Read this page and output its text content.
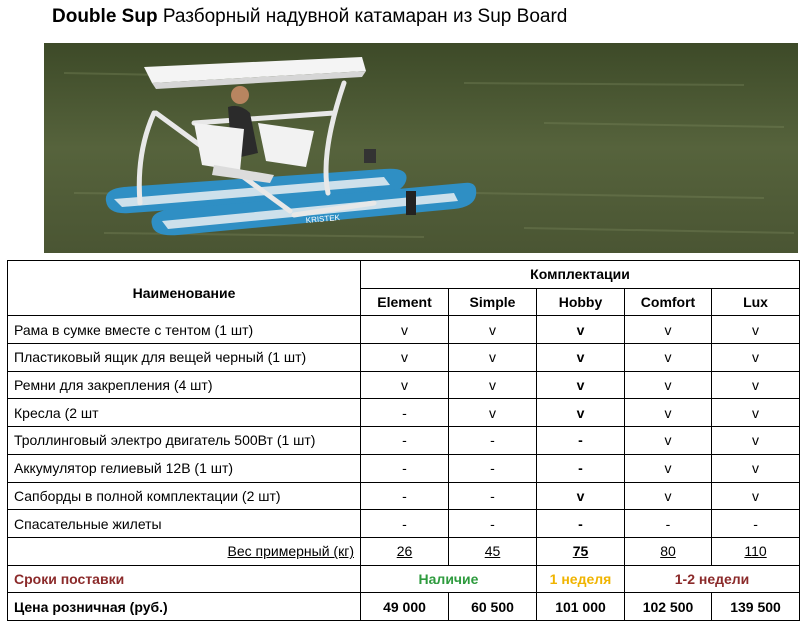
Double Sup Разборный надувной катамаран из Sup Board
KRISTEK
Наименование	Комплектации				
	Element	Simple	Hobby	Comfort	Lux
Рама в сумке вместе с тентом (1 шт)	v	v	v	v	v
Пластиковый ящик для вещей черный (1 шт)	v	v	v	v	v
Ремни для закрепления (4 шт)	v	v	v	v	v
Кресла (2 шт	-	v	v	v	v
Троллинговый электро двигатель 500Вт (1 шт)	-	-	-	v	v
Аккумулятор гелиевый 12В (1 шт)	-	-	-	v	v
Сапборды в полной комплектации (2 шт)	-	-	v	v	v
Спасательные жилеты	-	-	-	-	-
Вес примерный (кг)	26	45	75	80	110
Сроки поставки	Наличие		1 неделя	1-2 недели	
Цена розничная (руб.)	49 000	60 500	101 000	102 500	139 500
